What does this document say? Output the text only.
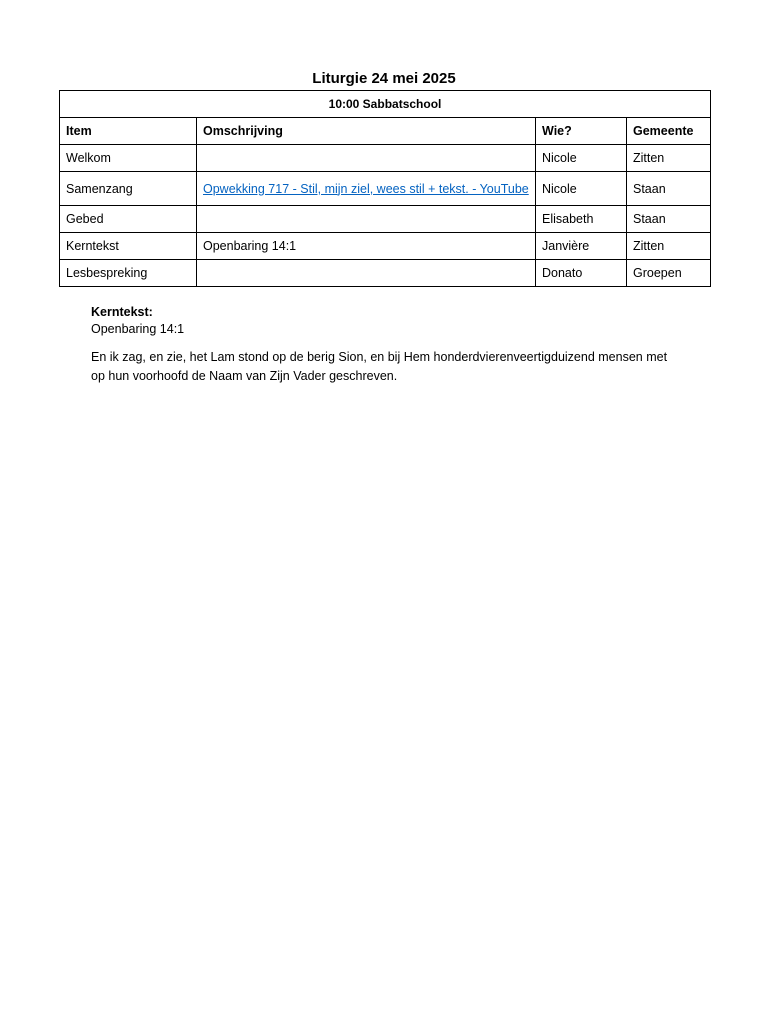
Liturgie 24 mei 2025
10:00 Sabbatschool			
Item	Omschrijving	Wie?	Gemeente
Welkom		Nicole	Zitten
Samenzang	Opwekking 717 - Stil, mijn ziel, wees stil + tekst. - YouTube	Nicole	Staan
Gebed		Elisabeth	Staan
Kerntekst	Openbaring 14:1	Janvière	Zitten
Lesbespreking		Donato	Groepen
Kerntekst:
Openbaring 14:1
En ik zag, en zie, het Lam stond op de berig Sion, en bij Hem honderdvierenveertigduizend mensen met op hun voorhoofd de Naam van Zijn Vader geschreven.
